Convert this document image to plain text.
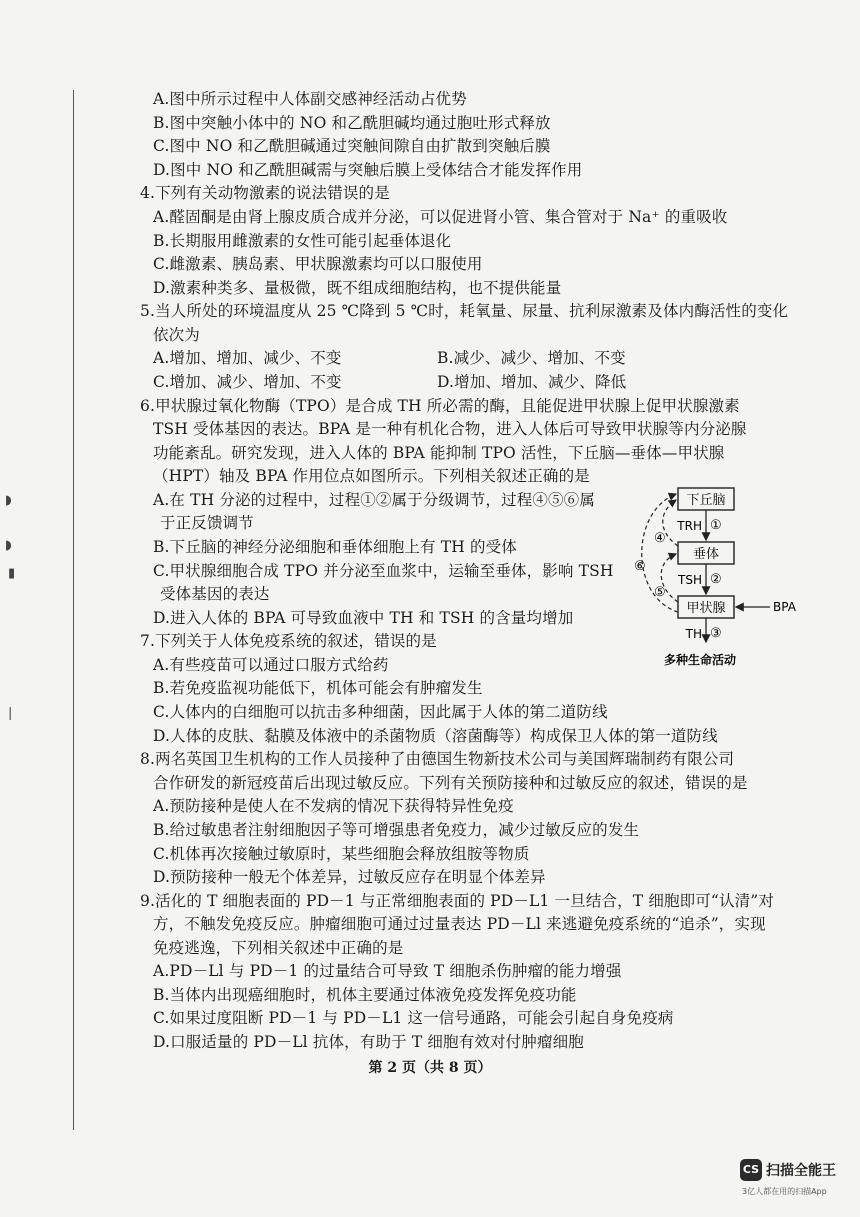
◗
◗
▮
|
A.图中所示过程中人体副交感神经活动占优势
B.图中突触小体中的 NO 和乙酰胆碱均通过胞吐形式释放
C.图中 NO 和乙酰胆碱通过突触间隙自由扩散到突触后膜
D.图中 NO 和乙酰胆碱需与突触后膜上受体结合才能发挥作用
4.下列有关动物激素的说法错误的是
A.醛固酮是由肾上腺皮质合成并分泌，可以促进肾小管、集合管对于 Na⁺ 的重吸收
B.长期服用雌激素的女性可能引起垂体退化
C.雌激素、胰岛素、甲状腺激素均可以口服使用
D.激素种类多、量极微，既不组成细胞结构，也不提供能量
5.当人所处的环境温度从 25 ℃降到 5 ℃时，耗氧量、尿量、抗利尿激素及体内酶活性的变化
依次为
A.增加、增加、减少、不变	B.减少、减少、增加、不变
C.增加、减少、增加、不变	D.增加、增加、减少、降低
6.甲状腺过氧化物酶（TPO）是合成 TH 所必需的酶，且能促进甲状腺上促甲状腺激素
TSH 受体基因的表达。BPA 是一种有机化合物，进入人体后可导致甲状腺等内分泌腺
功能紊乱。研究发现，进入人体的 BPA 能抑制 TPO 活性，下丘脑—垂体—甲状腺
（HPT）轴及 BPA 作用位点如图所示。下列相关叙述正确的是
A.在 TH 分泌的过程中，过程①②属于分级调节，过程④⑤⑥属
于正反馈调节
B.下丘脑的神经分泌细胞和垂体细胞上有 TH 的受体
C.甲状腺细胞合成 TPO 并分泌至血浆中，运输至垂体，影响 TSH
受体基因的表达
D.进入人体的 BPA 可导致血液中 TH 和 TSH 的含量均增加
下丘脑
垂体
甲状腺
TRH
TSH
TH
BPA
①
②
③
④
⑤
⑥
多种生命活动
7.下列关于人体免疫系统的叙述，错误的是
A.有些疫苗可以通过口服方式给药
B.若免疫监视功能低下，机体可能会有肿瘤发生
C.人体内的白细胞可以抗击多种细菌，因此属于人体的第二道防线
D.人体的皮肤、黏膜及体液中的杀菌物质（溶菌酶等）构成保卫人体的第一道防线
8.两名英国卫生机构的工作人员接种了由德国生物新技术公司与美国辉瑞制药有限公司
合作研发的新冠疫苗后出现过敏反应。下列有关预防接种和过敏反应的叙述，错误的是
A.预防接种是使人在不发病的情况下获得特异性免疫
B.给过敏患者注射细胞因子等可增强患者免疫力，减少过敏反应的发生
C.机体再次接触过敏原时，某些细胞会释放组胺等物质
D.预防接种一般无个体差异，过敏反应存在明显个体差异
9.活化的 T 细胞表面的 PD－1 与正常细胞表面的 PD－L1 一旦结合，T 细胞即可“认清”对
方，不触发免疫反应。肿瘤细胞可通过过量表达 PD－Ll 来逃避免疫系统的“追杀”，实现
免疫逃逸，下列相关叙述中正确的是
A.PD－Ll 与 PD－1 的过量结合可导致 T 细胞杀伤肿瘤的能力增强
B.当体内出现癌细胞时，机体主要通过体液免疫发挥免疫功能
C.如果过度阻断 PD－1 与 PD－L1 这一信号通路，可能会引起自身免疫病
D.口服适量的 PD－Ll 抗体，有助于 T 细胞有效对付肿瘤细胞
第 2 页（共 8 页）
CS 扫描全能王
3亿人都在用的扫描App
